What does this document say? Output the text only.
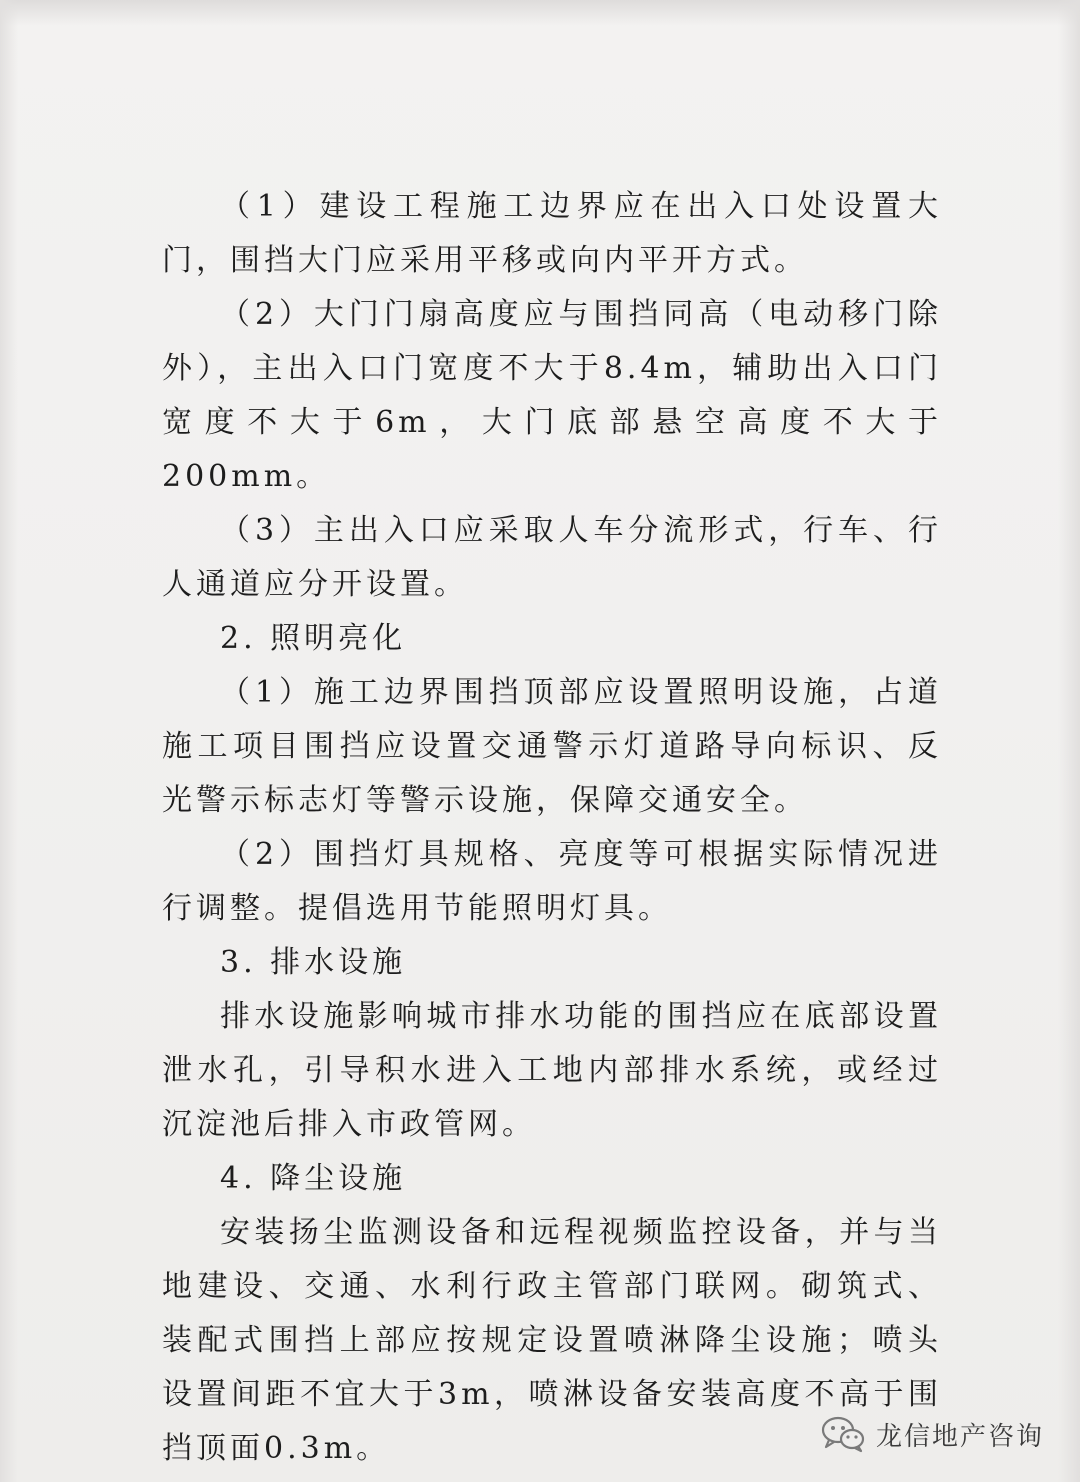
（1）建设工程施工边界应在出入口处设置大门，围挡大门应采用平移或向内平开方式。

（2）大门门扇高度应与围挡同高（电动移门除外），主出入口门宽度不大于8.4m，辅助出入口门宽度不大于6m，大门底部悬空高度不大于200mm。

（3）主出入口应采取人车分流形式，行车、行人通道应分开设置。

2. 照明亮化

（1）施工边界围挡顶部应设置照明设施，占道施工项目围挡应设置交通警示灯道路导向标识、反光警示标志灯等警示设施，保障交通安全。

（2）围挡灯具规格、亮度等可根据实际情况进行调整。提倡选用节能照明灯具。

3. 排水设施

排水设施影响城市排水功能的围挡应在底部设置泄水孔，引导积水进入工地内部排水系统，或经过沉淀池后排入市政管网。

4. 降尘设施

安装扬尘监测设备和远程视频监控设备，并与当地建设、交通、水利行政主管部门联网。砌筑式、装配式围挡上部应按规定设置喷淋降尘设施；喷头设置间距不宜大于3m，喷淋设备安装高度不高于围挡顶面0.3m。	龙信地产咨询
